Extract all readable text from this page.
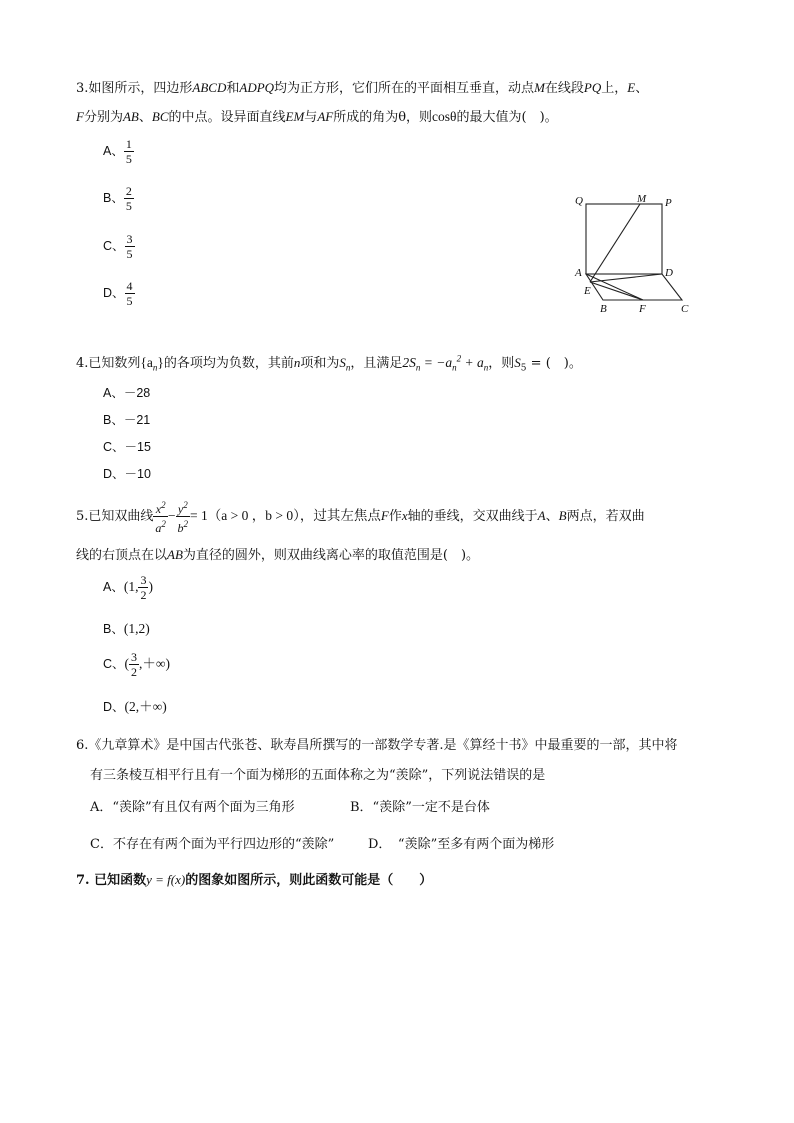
3.如图所示，四边形ABCD和ADPQ均为正方形，它们所在的平面相互垂直，动点M在线段PQ上，E、
F分别为AB、BC的中点。设异面直线EM与AF所成的角为θ，则cosθ的最大值为(　)。
A、 $\frac{1}{5}$
B、 $\frac{2}{5}$
C、 $\frac{3}{5}$
D、 $\frac{4}{5}$
Q	M P
A	D
E
B	F	C
4.已知数列$\{a_n\}$的各项均为负数，其前n项和为$S_n$，且满足$2S_n = -a_n^2 + a_n$，则$S_5$ = (　)。
A、－28
B、－21
C、－15
D、－10
5.已知双曲线 $\frac{x^2}{a^2} - \frac{y^2}{b^2} = 1(a > 0$ ，b > 0），过其左焦点F作x轴的垂线，交双曲线于A、B两点，若双曲
线的右顶点在以AB为直径的圆外，则双曲线离心率的取值范围是(　)。
A、(1, $\frac{3}{2}$ )
B、(1,2)
C、( $\frac{3}{2}$ ,＋∞)
D、(2,＋∞)
6.《九章算术》是中国古代张苍、耿寿昌所撰写的一部数学专著.是《算经十书》中最重要的一部，其中将
有三条棱互相平行且有一个面为梯形的五面体称之为“羡除”，下列说法错误的是
A．“羡除”有且仅有两个面为三角形	B．“羡除”一定不是台体
C．不存在有两个面为平行四边形的“羡除”	D．　“羡除”至多有两个面为梯形
7. 已知函数y = f(x)的图象如图所示，则此函数可能是（　　）
